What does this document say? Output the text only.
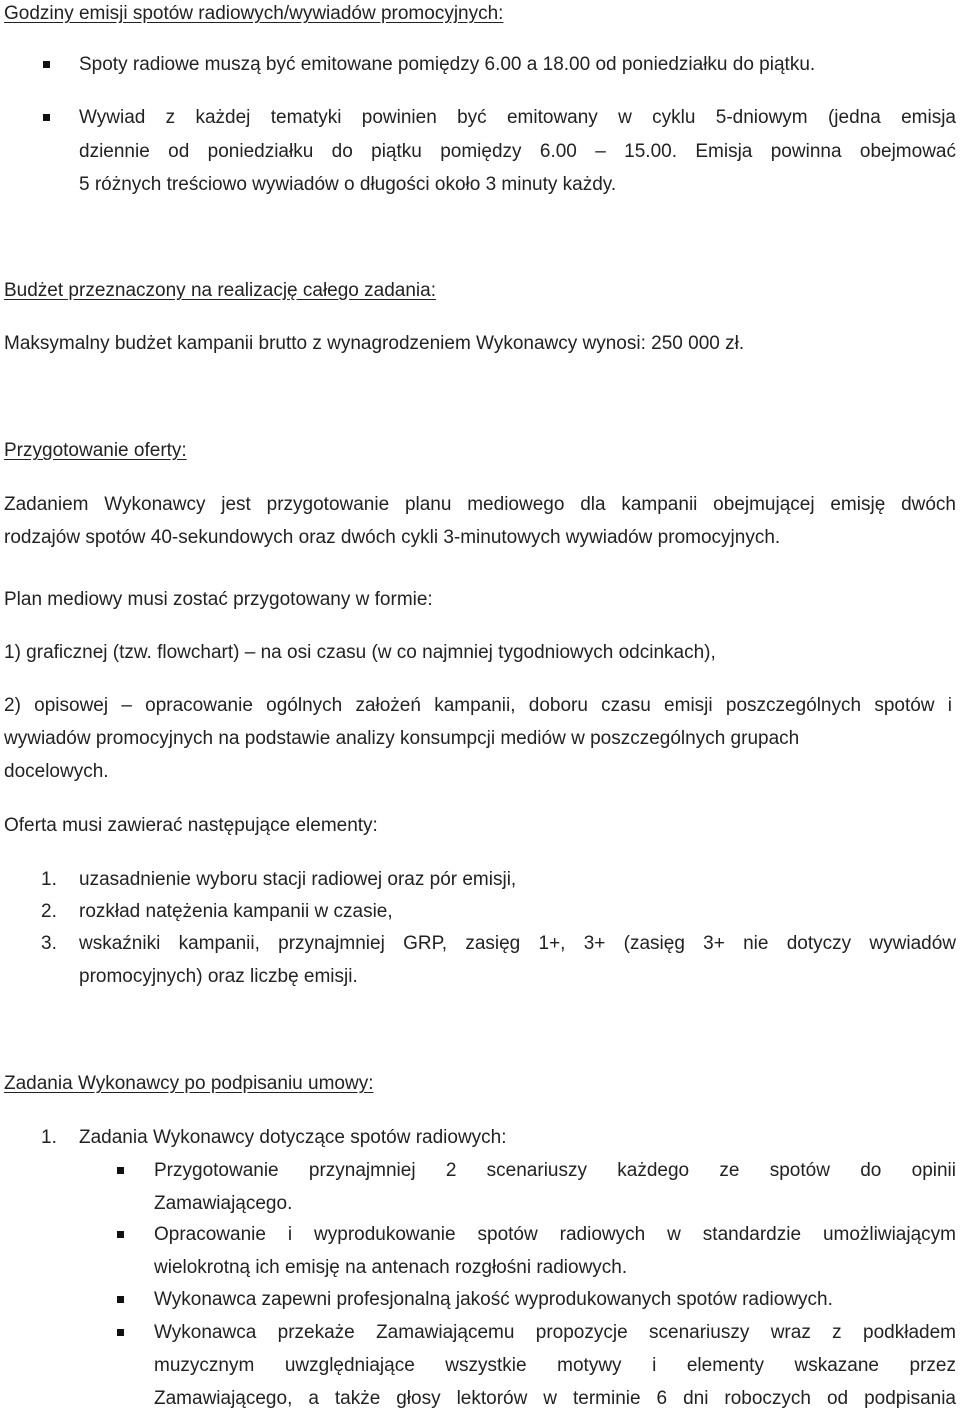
Godziny emisji spotów radiowych/wywiadów promocyjnych:
Spoty radiowe muszą być emitowane pomiędzy 6.00 a 18.00 od poniedziałku do piątku.
Wywiad z każdej tematyki powinien być emitowany w cyklu 5-dniowym (jedna emisja
dziennie od poniedziałku do piątku pomiędzy 6.00 – 15.00. Emisja powinna obejmować
5 różnych treściowo wywiadów o długości około 3 minuty każdy.
Budżet przeznaczony na realizację całego zadania:
Maksymalny budżet kampanii brutto z wynagrodzeniem Wykonawcy wynosi: 250 000 zł.
Przygotowanie oferty:
Zadaniem Wykonawcy jest przygotowanie planu mediowego dla kampanii obejmującej emisję dwóch
rodzajów spotów 40-sekundowych oraz dwóch cykli 3-minutowych wywiadów promocyjnych.
Plan mediowy musi zostać przygotowany w formie:
1) graficznej (tzw. flowchart) – na osi czasu (w co najmniej tygodniowych odcinkach),
2) opisowej – opracowanie ogólnych założeń kampanii, doboru czasu emisji poszczególnych spotów i
wywiadów promocyjnych na podstawie analizy konsumpcji mediów w poszczególnych grupach
docelowych.
Oferta musi zawierać następujące elementy:
1. uzasadnienie wyboru stacji radiowej oraz pór emisji,
2. rozkład natężenia kampanii w czasie,
3. wskaźniki kampanii, przynajmniej GRP, zasięg 1+, 3+ (zasięg 3+ nie dotyczy wywiadów
promocyjnych) oraz liczbę emisji.
Zadania Wykonawcy po podpisaniu umowy:
1. Zadania Wykonawcy dotyczące spotów radiowych:
Przygotowanie przynajmniej 2 scenariuszy każdego ze spotów do opinii
Zamawiającego.
Opracowanie i wyprodukowanie spotów radiowych w standardzie umożliwiającym
wielokrotną ich emisję na antenach rozgłośni radiowych.
Wykonawca zapewni profesjonalną jakość wyprodukowanych spotów radiowych.
Wykonawca przekaże Zamawiającemu propozycje scenariuszy wraz z podkładem
muzycznym uwzględniające wszystkie motywy i elementy wskazane przez
Zamawiającego, a także głosy lektorów w terminie 6 dni roboczych od podpisania
